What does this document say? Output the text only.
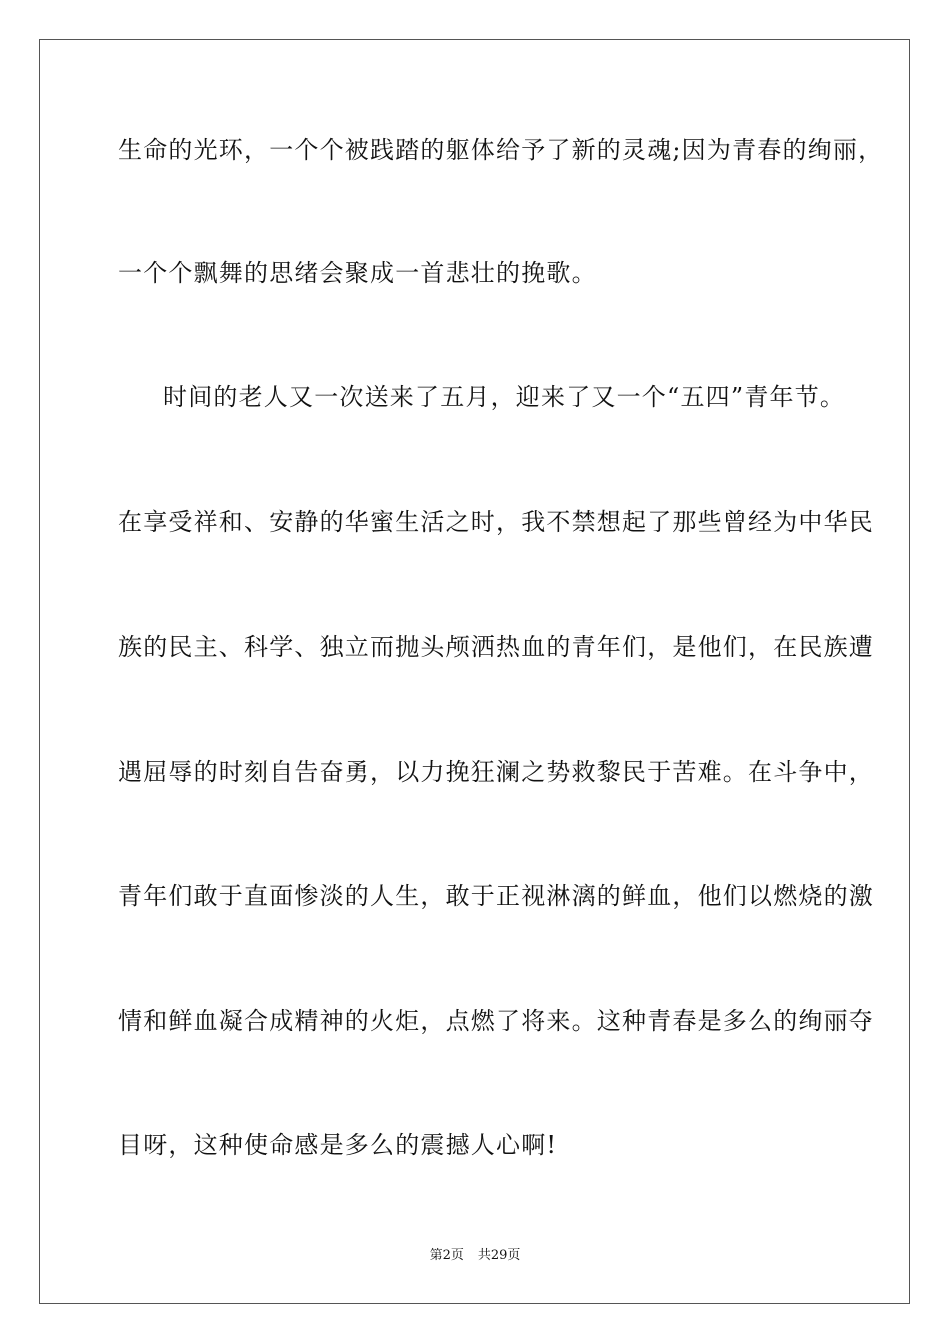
生命的光环，一个个被践踏的躯体给予了新的灵魂;因为青春的绚丽，
一个个飘舞的思绪会聚成一首悲壮的挽歌。
时间的老人又一次送来了五月，迎来了又一个“五四”青年节。
在享受祥和、安静的华蜜生活之时，我不禁想起了那些曾经为中华民
族的民主、科学、独立而抛头颅洒热血的青年们，是他们，在民族遭
遇屈辱的时刻自告奋勇，以力挽狂澜之势救黎民于苦难。在斗争中，
青年们敢于直面惨淡的人生，敢于正视淋漓的鲜血，他们以燃烧的激
情和鲜血凝合成精神的火炬，点燃了将来。这种青春是多么的绚丽夺
目呀，这种使命感是多么的震撼人心啊!
第2页 共29页
